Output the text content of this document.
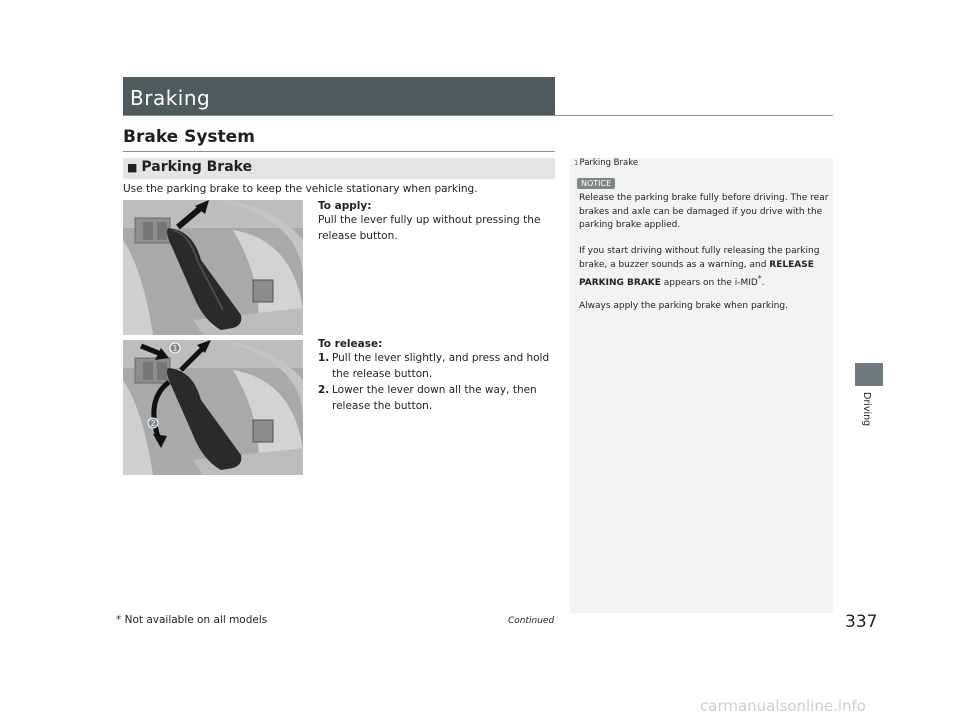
Braking
Brake System
■ Parking Brake
Use the parking brake to keep the vehicle stationary when parking.
To apply:
Pull the lever fully up without pressing the release button.
1
2
To release:
1. Pull the lever slightly, and press and hold the release button.
2. Lower the lever down all the way, then release the button.
1Parking Brake
NOTICE
Release the parking brake fully before driving. The rear brakes and axle can be damaged if you drive with the parking brake applied.
If you start driving without fully releasing the parking brake, a buzzer sounds as a warning, and RELEASE PARKING BRAKE appears on the i-MID*.
Always apply the parking brake when parking.
Driving
Continued	337
* Not available on all models
carmanualsonline.info
